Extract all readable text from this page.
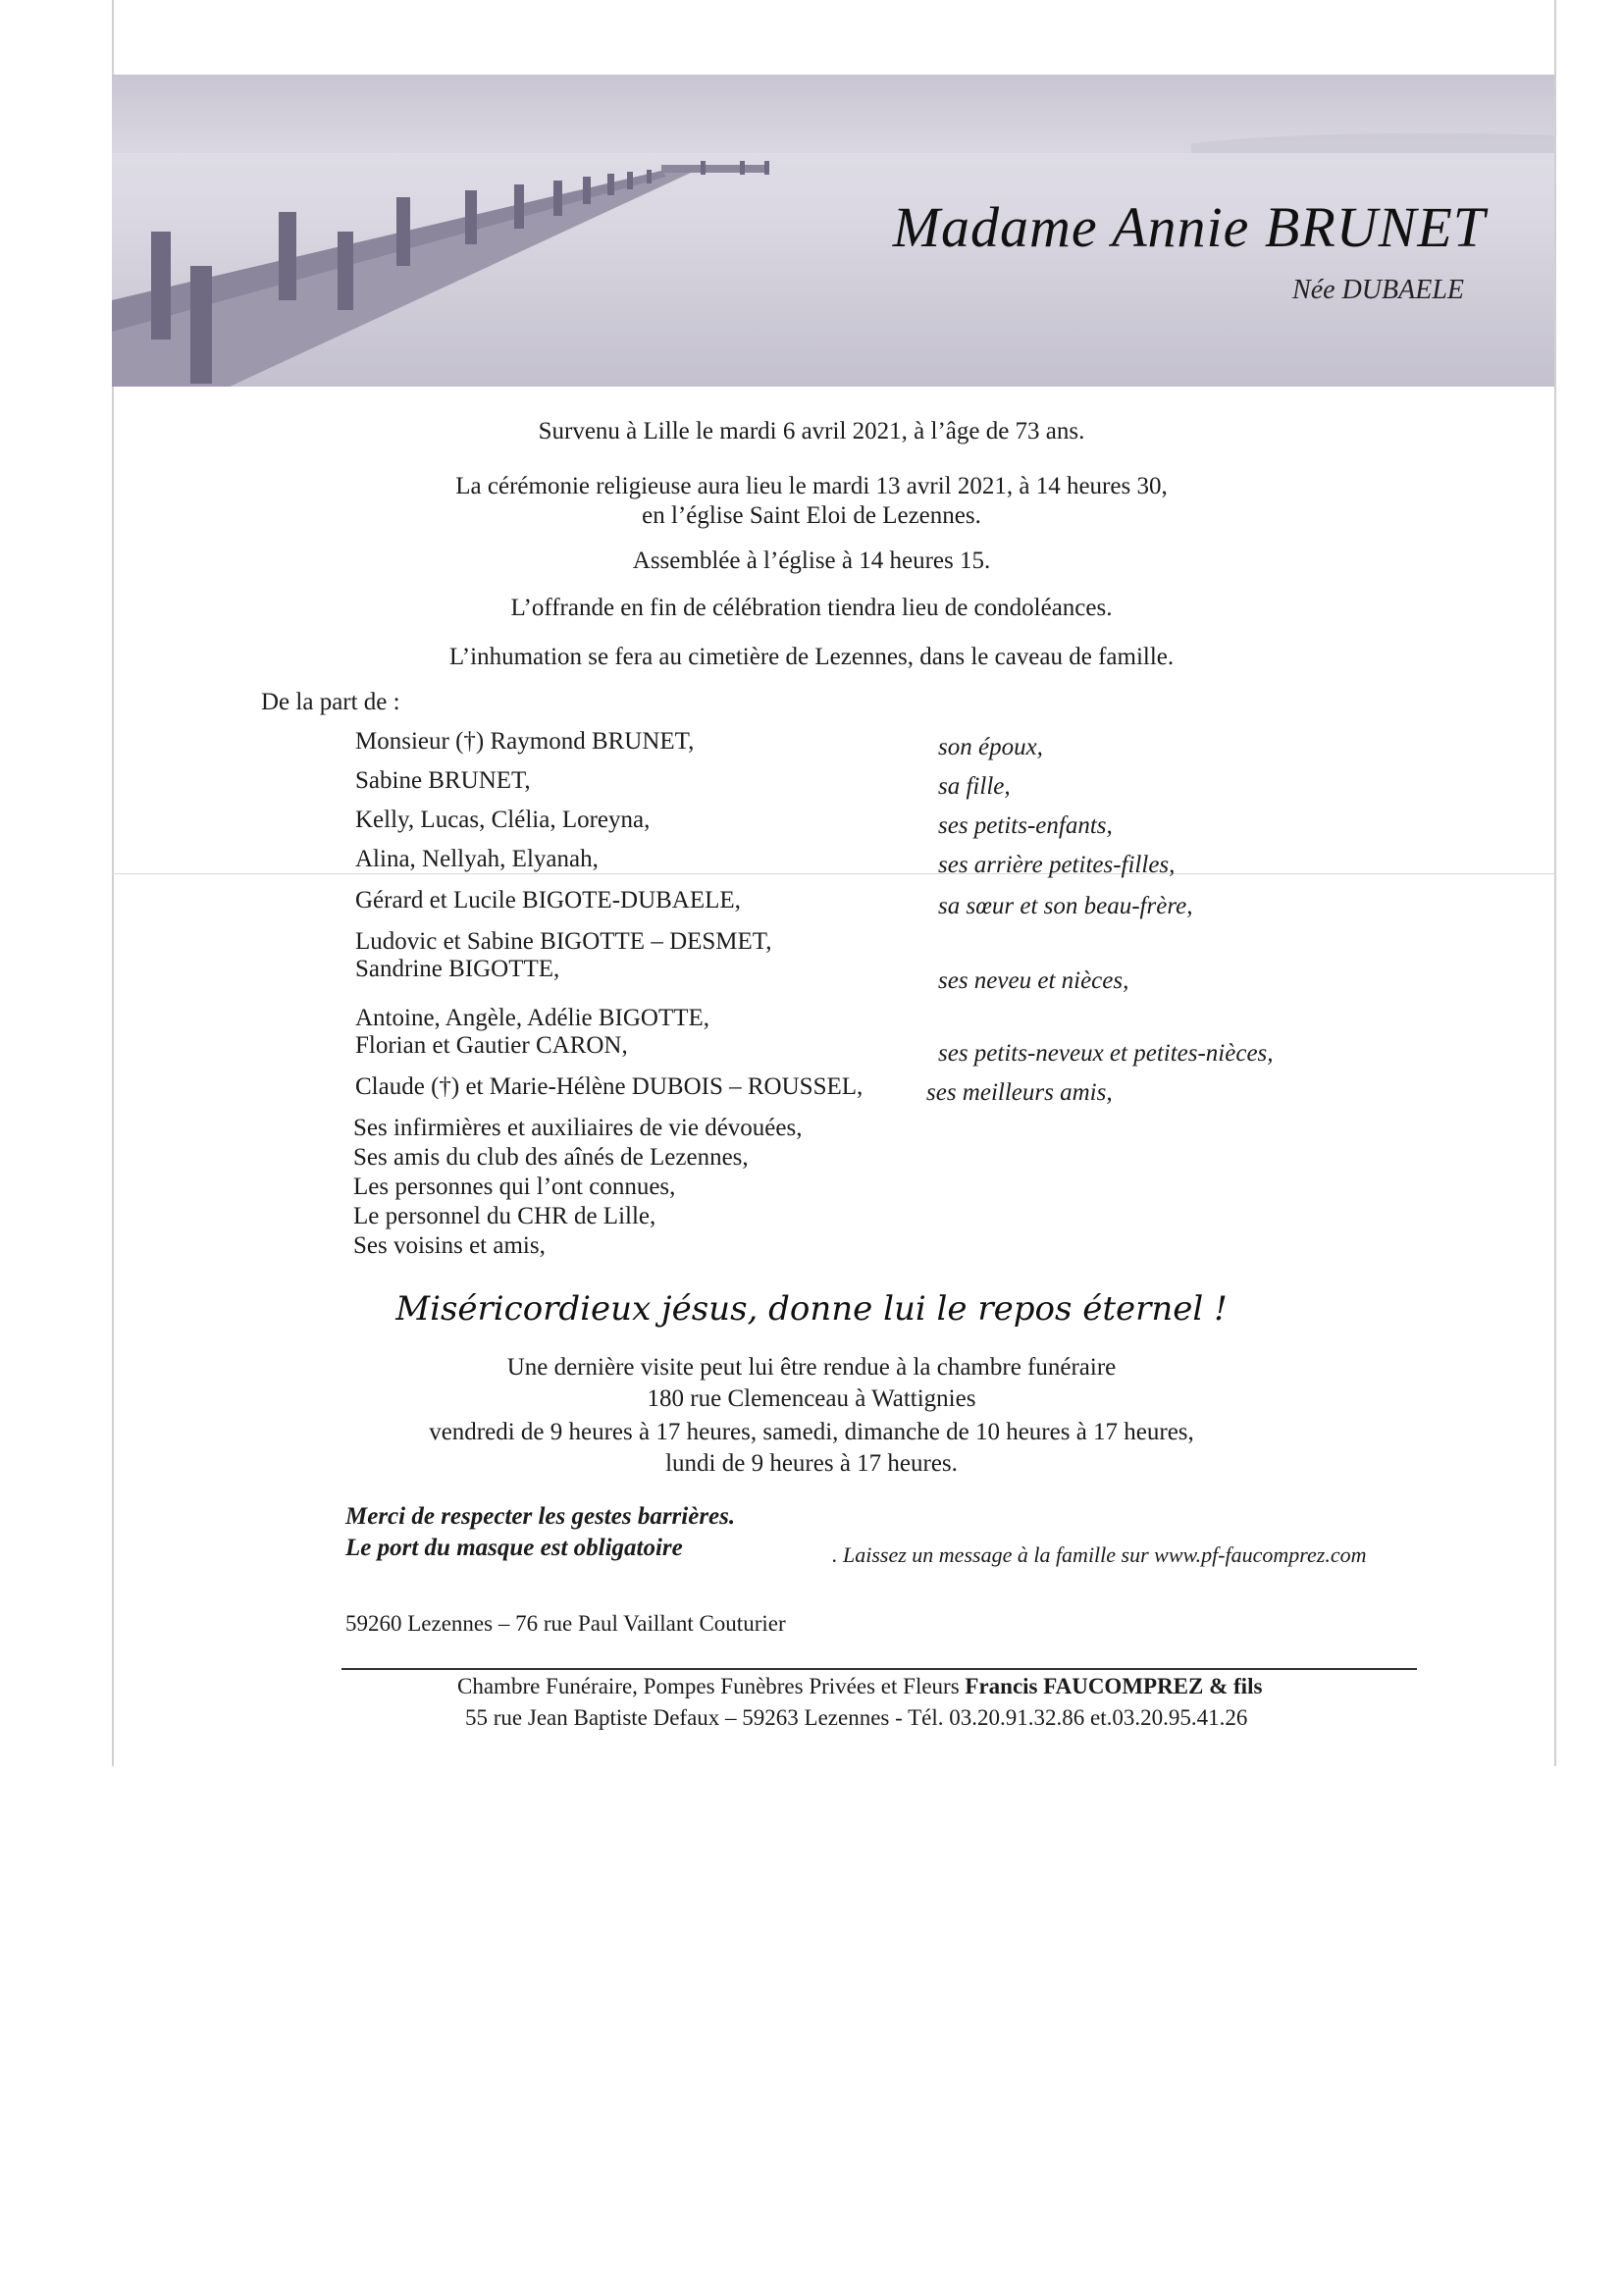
Madame Annie BRUNET
Née DUBAELE
Survenu à Lille le mardi 6 avril 2021, à l’âge de 73 ans.
La cérémonie religieuse aura lieu le mardi 13 avril 2021, à 14 heures 30,
en l’église Saint Eloi de Lezennes.
Assemblée à l’église à 14 heures 15.
L’offrande en fin de célébration tiendra lieu de condoléances.
L’inhumation se fera au cimetière de Lezennes, dans le caveau de famille.
De la part de :
Monsieur (†) Raymond BRUNET,	son époux,
Sabine BRUNET,	sa fille,
Kelly, Lucas, Clélia, Loreyna,	ses petits-enfants,
Alina, Nellyah, Elyanah,	ses arrière petites-filles,
Gérard et Lucile BIGOTE-DUBAELE,	sa sœur et son beau-frère,
Ludovic et Sabine BIGOTTE – DESMET,
Sandrine BIGOTTE,	ses neveu et nièces,
Antoine, Angèle, Adélie BIGOTTE,
Florian et Gautier CARON,	ses petits-neveux et petites-nièces,
Claude (†) et Marie-Hélène DUBOIS – ROUSSEL,	ses meilleurs amis,
Ses infirmières et auxiliaires de vie dévouées,
Ses amis du club des aînés de Lezennes,
Les personnes qui l’ont connues,
Le personnel du CHR de Lille,
Ses voisins et amis,
Miséricordieux jésus, donne lui le repos éternel !
Une dernière visite peut lui être rendue à la chambre funéraire
180 rue Clemenceau à Wattignies
vendredi de 9 heures à 17 heures, samedi, dimanche de 10 heures à 17 heures,
lundi de 9 heures à 17 heures.
Merci de respecter les gestes barrières.
Le port du masque est obligatoire	. Laissez un message à la famille sur www.pf-faucomprez.com
59260 Lezennes – 76 rue Paul Vaillant Couturier
Chambre Funéraire, Pompes Funèbres Privées et Fleurs Francis FAUCOMPREZ & fils
55 rue Jean Baptiste Defaux – 59263 Lezennes - Tél. 03.20.91.32.86 et.03.20.95.41.26
